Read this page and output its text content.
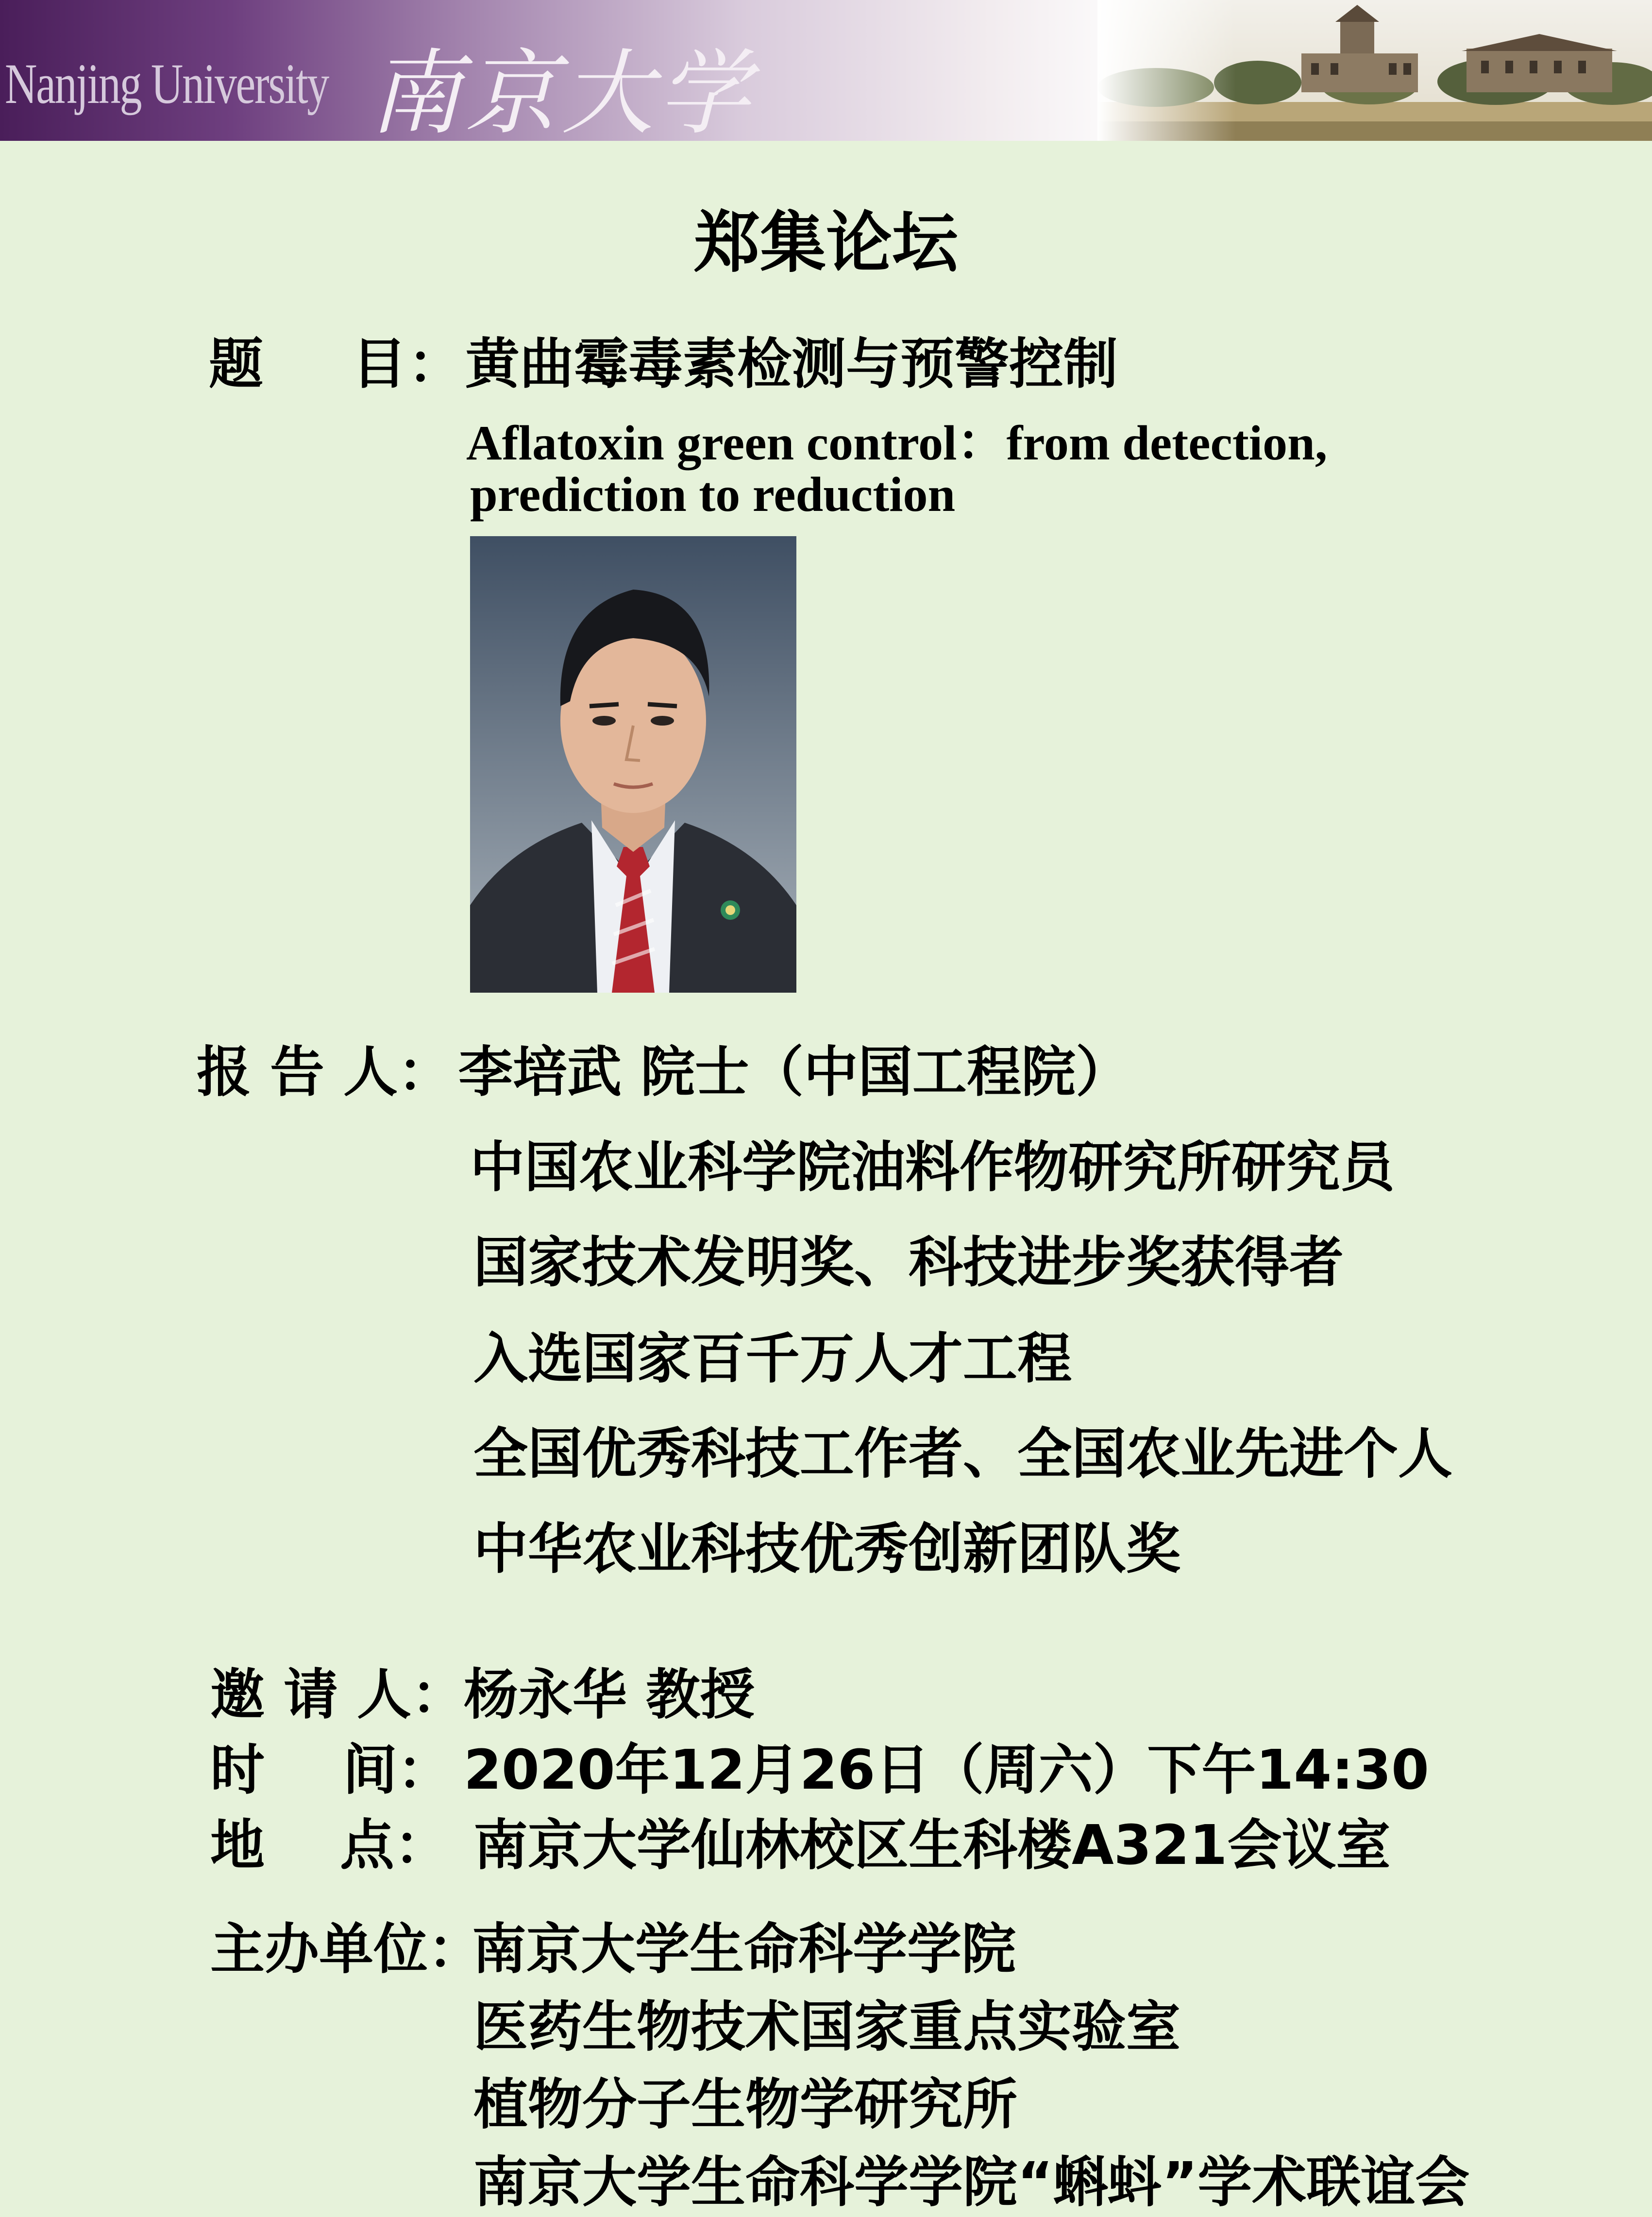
Nanjing University 南京大学
郑集论坛
题 目 ： 黄曲霉毒素检测与预警控制
Aflatoxin green control：from detection,
prediction to reduction
报 告 人： 李培武 院士（中国工程院）
中国农业科学院油料作物研究所研究员
国家技术发明奖、科技进步奖获得者
入选国家百千万人才工程
全国优秀科技工作者、全国农业先进个人
中华农业科技优秀创新团队奖
邀 请 人：
杨永华 教授
时 间： 2020年12月26日（周六）下午14:30
地 点： 南京大学仙林校区生科楼A321会议室
主办单位：
南京大学生命科学学院
医药生物技术国家重点实验室
植物分子生物学研究所
南京大学生命科学学院“蝌蚪”学术联谊会
